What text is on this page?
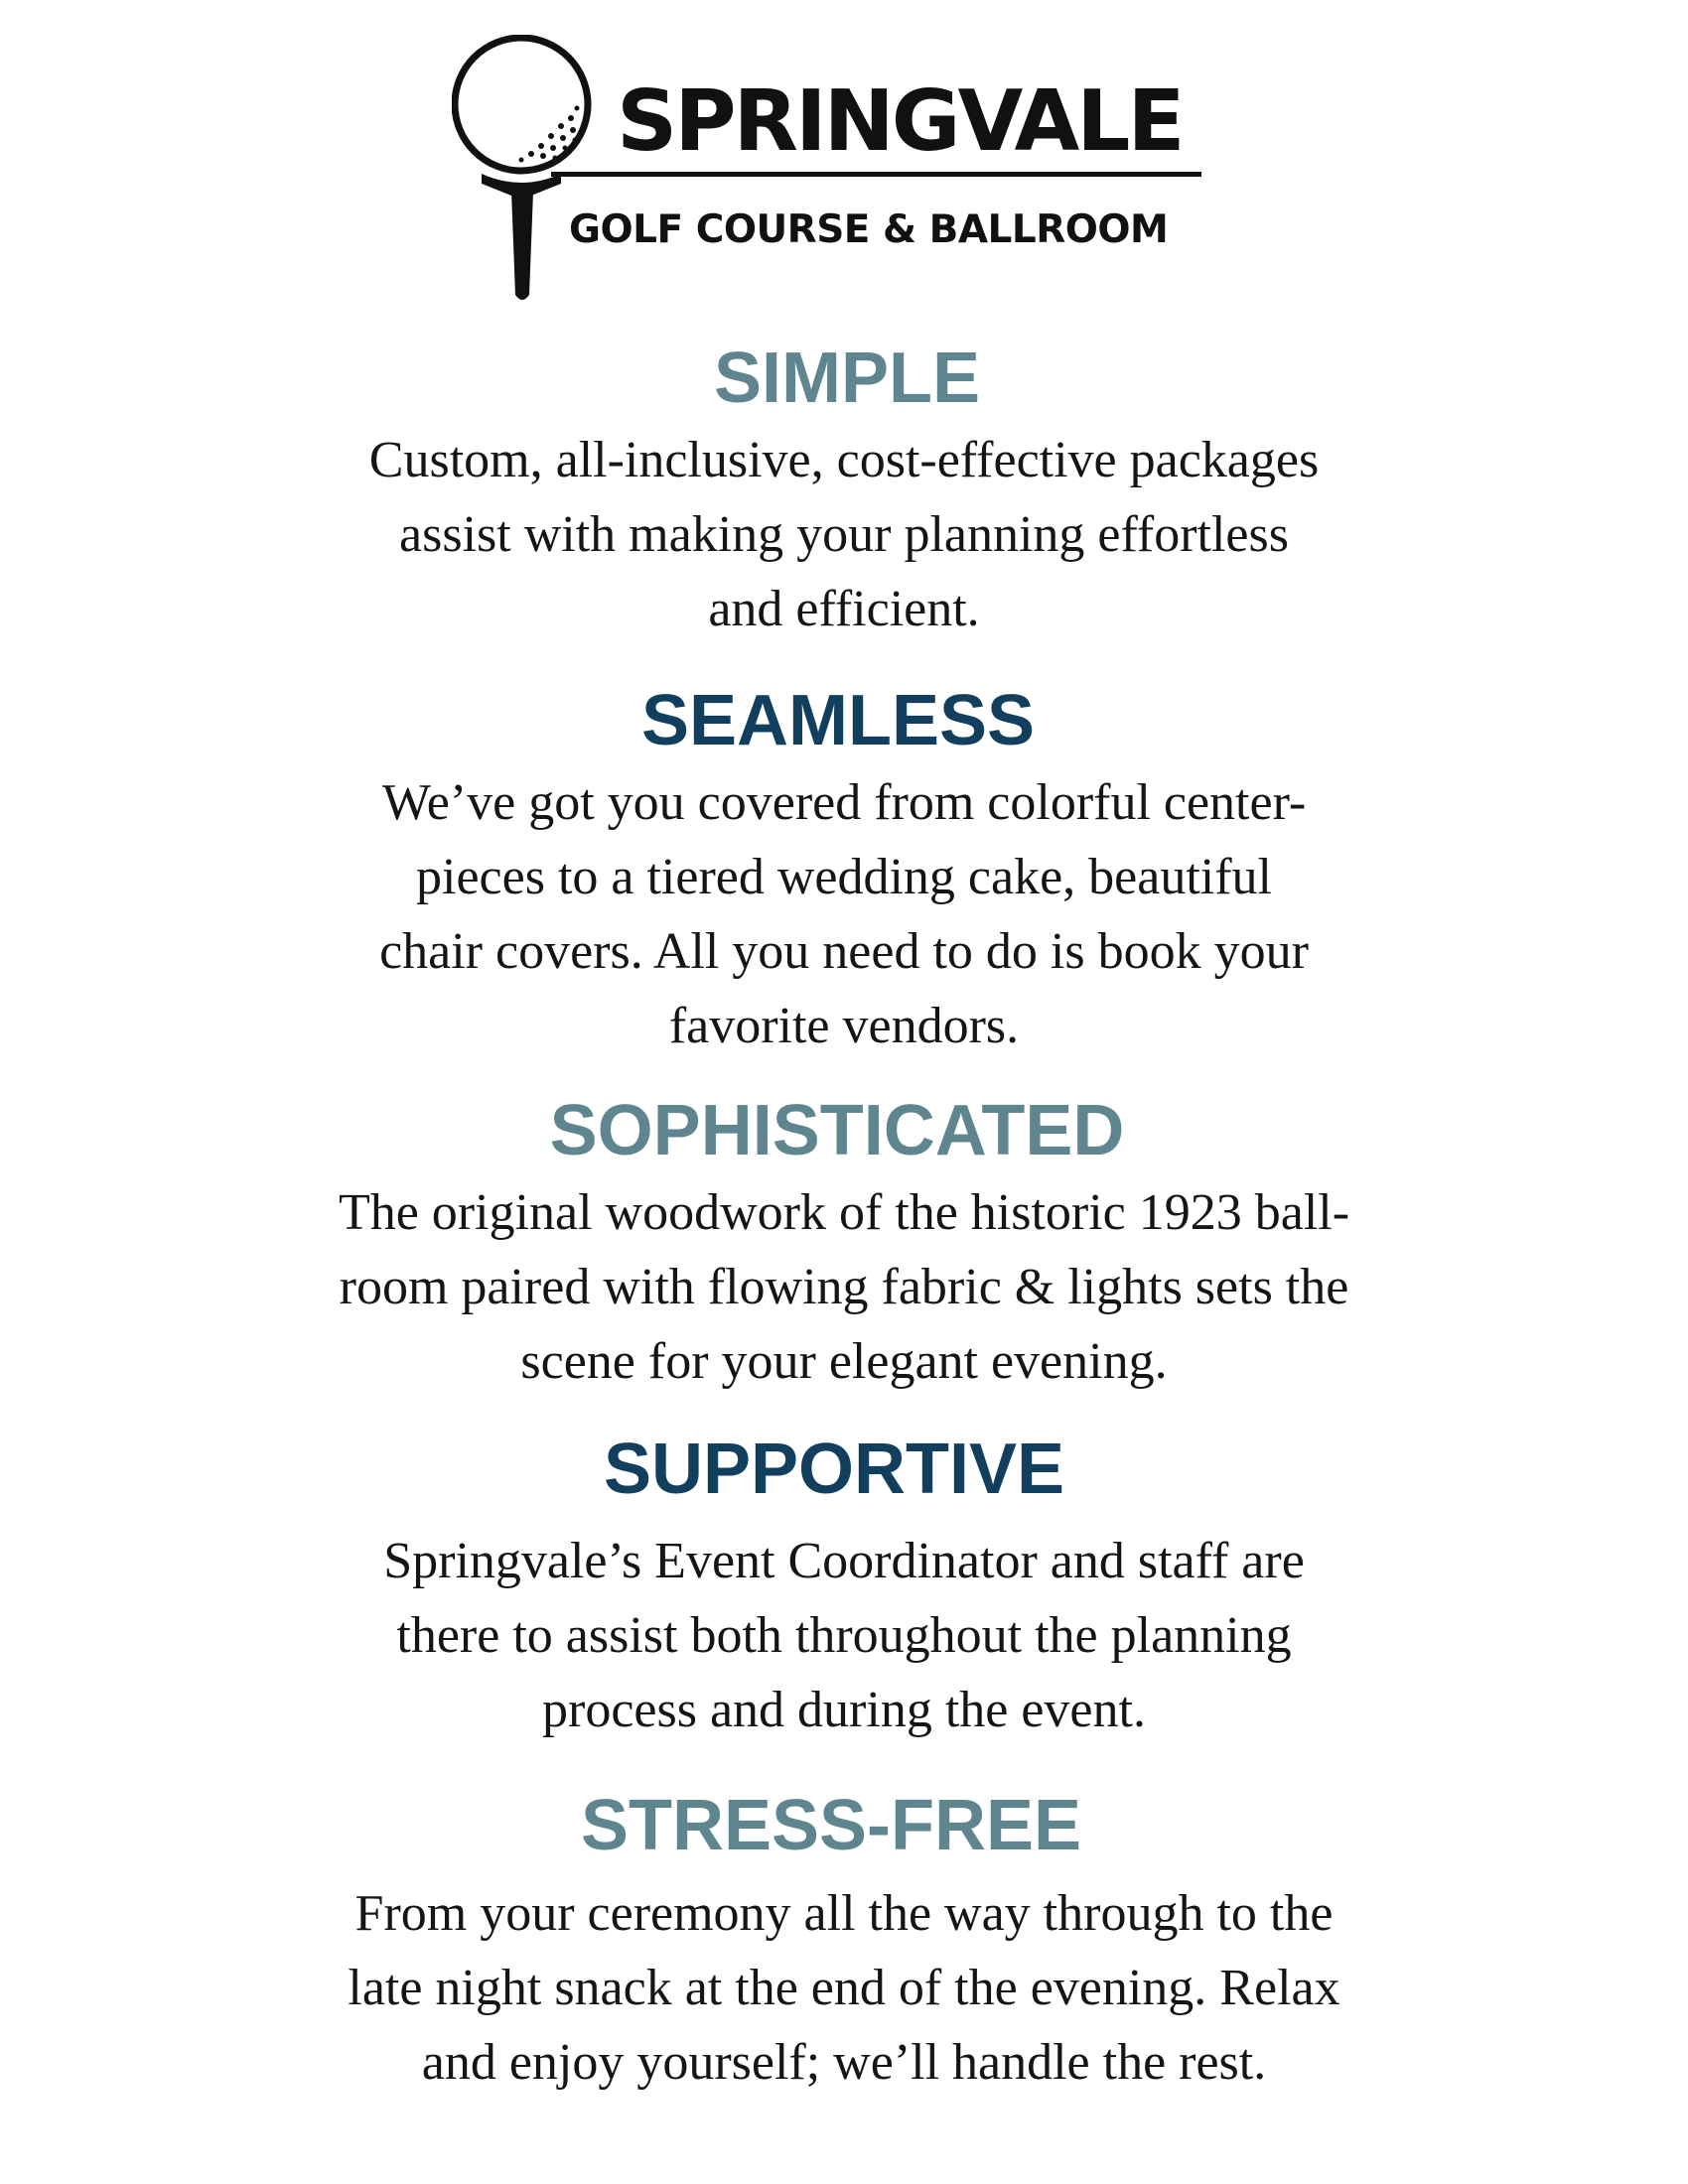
SPRINGVALE
GOLF COURSE & BALLROOM
SIMPLE

Custom, all-inclusive, cost-effective packages
assist with making your planning effortless
and efficient.

SEAMLESS

We’ve got you covered from colorful center-
pieces to a tiered wedding cake, beautiful
chair covers. All you need to do is book your
favorite vendors.

SOPHISTICATED

The original woodwork of the historic 1923 ball-
room paired with flowing fabric & lights sets the
scene for your elegant evening.

SUPPORTIVE

Springvale’s Event Coordinator and staff are
there to assist both throughout the planning
process and during the event.

STRESS-FREE

From your ceremony all the way through to the
late night snack at the end of the evening. Relax
and enjoy yourself; we’ll handle the rest.
